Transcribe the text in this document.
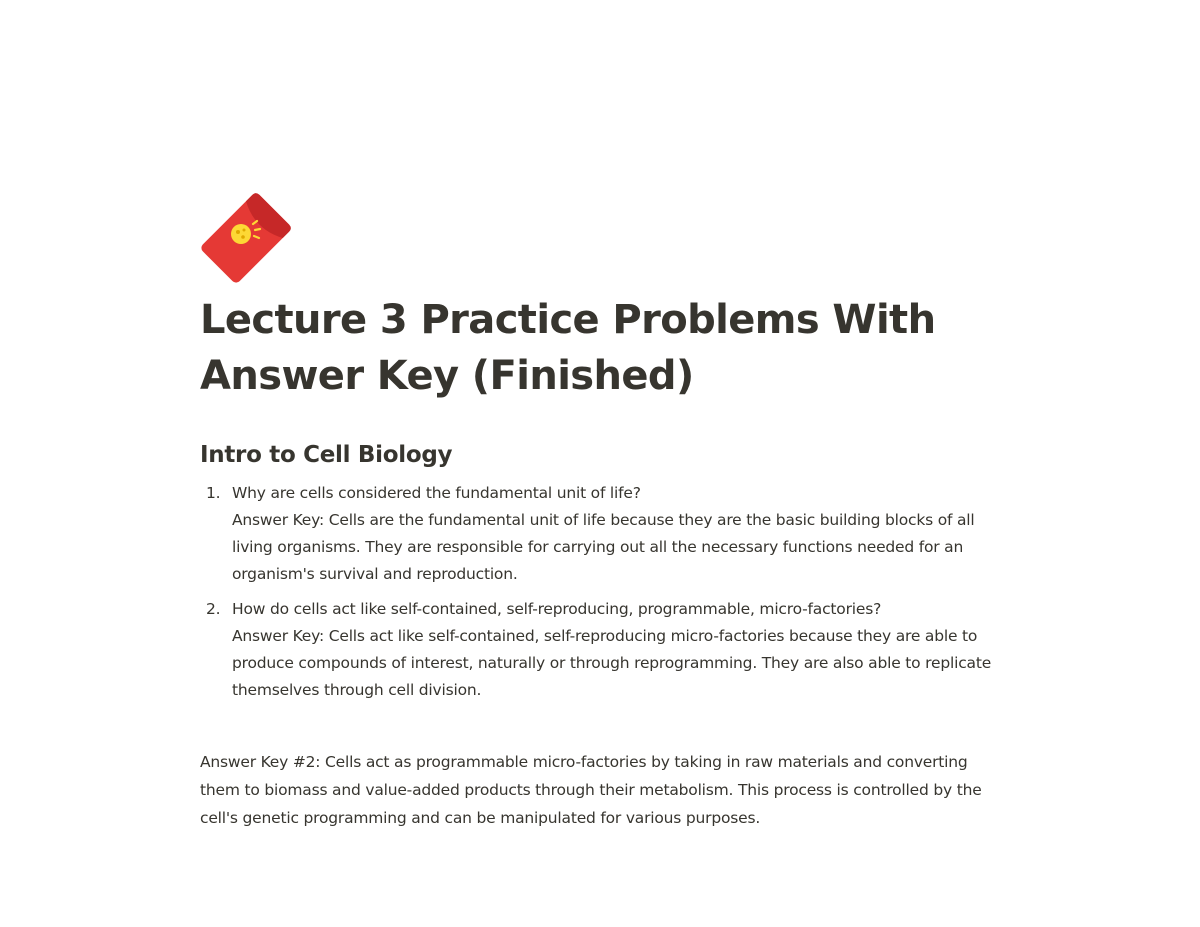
Lecture 3 Practice Problems With Answer Key (Finished)
Intro to Cell Biology
1. Why are cells considered the fundamental unit of life?
Answer Key: Cells are the fundamental unit of life because they are the basic building blocks of all living organisms. They are responsible for carrying out all the necessary functions needed for an organism's survival and reproduction.
2. How do cells act like self-contained, self-reproducing, programmable, micro-factories?
Answer Key: Cells act like self-contained, self-reproducing micro-factories because they are able to produce compounds of interest, naturally or through reprogramming. They are also able to replicate themselves through cell division.

Answer Key #2: Cells act as programmable micro-factories by taking in raw materials and converting them to biomass and value-added products through their metabolism. This process is controlled by the cell's genetic programming and can be manipulated for various purposes.
